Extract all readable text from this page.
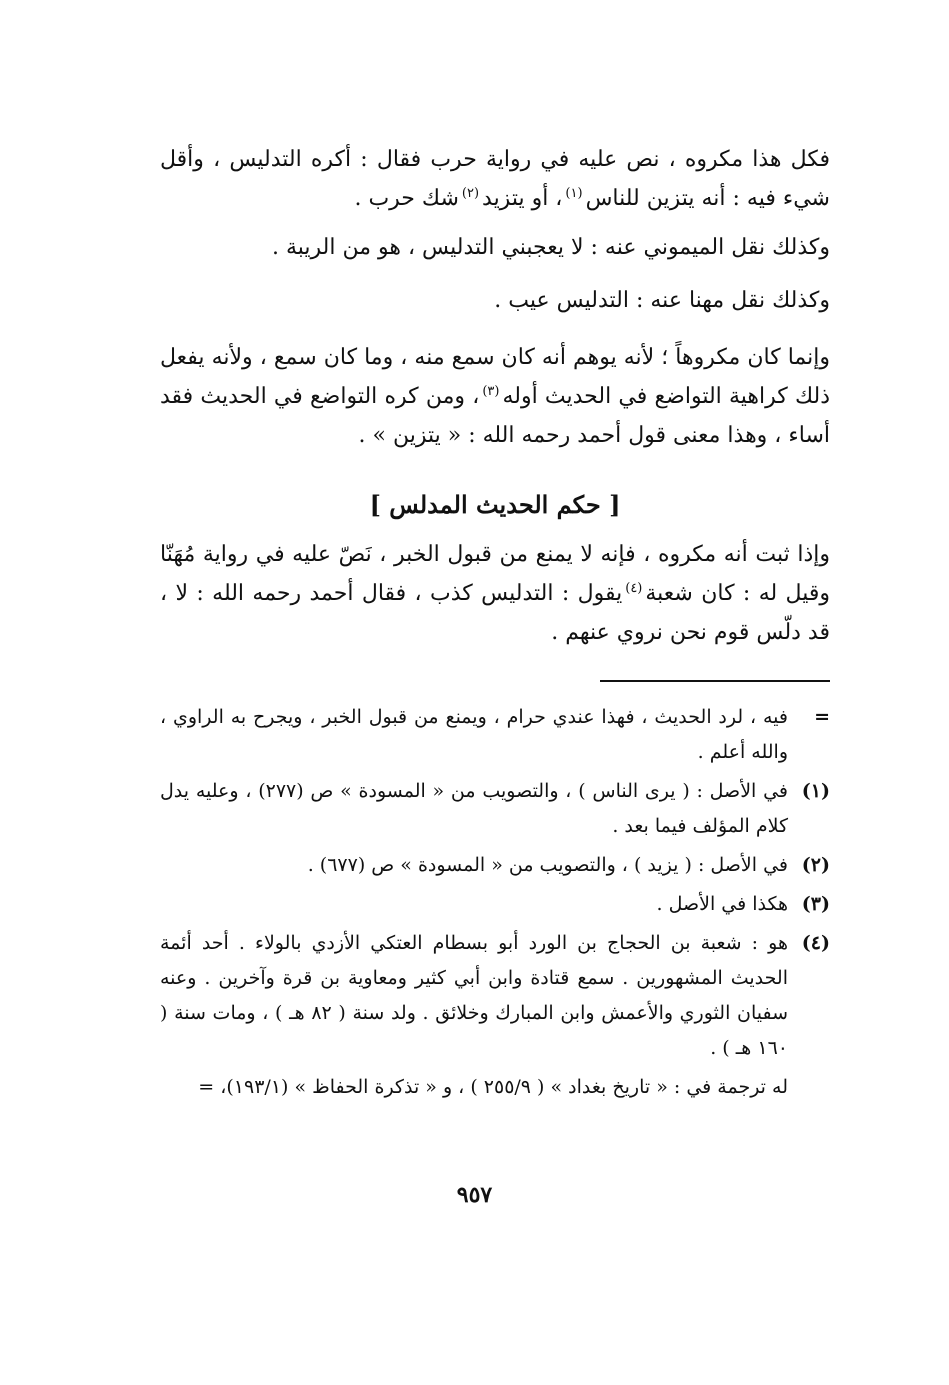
فكل هذا مكروه ، نص عليه في رواية حرب فقال : أكره التدليس ، وأقل شيء فيه : أنه يتزين للناس$^{(١)}$، أو يتزيد$^{(٢)}$شك حرب .

وكذلك نقل الميموني عنه : لا يعجبني التدليس ، هو من الريبة .

وكذلك نقل مهنا عنه : التدليس عيب .

وإنما كان مكروهاً ؛ لأنه يوهم أنه كان سمع منه ، وما كان سمع ، ولأنه يفعل ذلك كراهية التواضع في الحديث أوله$^{(٣)}$، ومن كره التواضع في الحديث فقد أساء ، وهذا معنى قول أحمد رحمه الله : « يتزين » .

[ حكم الحديث المدلس ]

وإذا ثبت أنه مكروه ، فإنه لا يمنع من قبول الخبر ، نَصّ عليه في رواية مُهَنّا وقيل له : كان شعبة$^{(٤)}$يقول : التدليس كذب ، فقال أحمد رحمه الله : لا ، قد دلّس قوم نحن نروي عنهم .

=
فيه ، لرد الحديث ، فهذا عندي حرام ، ويمنع من قبول الخبر ، ويجرح به الراوي ، والله أعلم .
(١)
في الأصل : ( يرى الناس ) ، والتصويب من « المسودة » ص (٢٧٧) ، وعليه يدل كلام المؤلف فيما بعد .
(٢)
في الأصل : ( يزيد ) ، والتصويب من « المسودة » ص (٦٧٧) .
(٣)
هكذا في الأصل .
(٤)
هو : شعبة بن الحجاج بن الورد أبو بسطام العتكي الأزدي بالولاء . أحد أئمة الحديث المشهورين . سمع قتادة وابن أبي كثير ومعاوية بن قرة وآخرين . وعنه سفيان الثوري والأعمش وابن المبارك وخلائق . ولد سنة ( ٨٢ هـ ) ، ومات سنة ( ١٦٠ هـ ) .

له ترجمة في : « تاريخ بغداد » ( ٢٥٥/٩ ) ، و « تذكرة الحفاظ » (١٩٣/١)، =

٩٥٧
